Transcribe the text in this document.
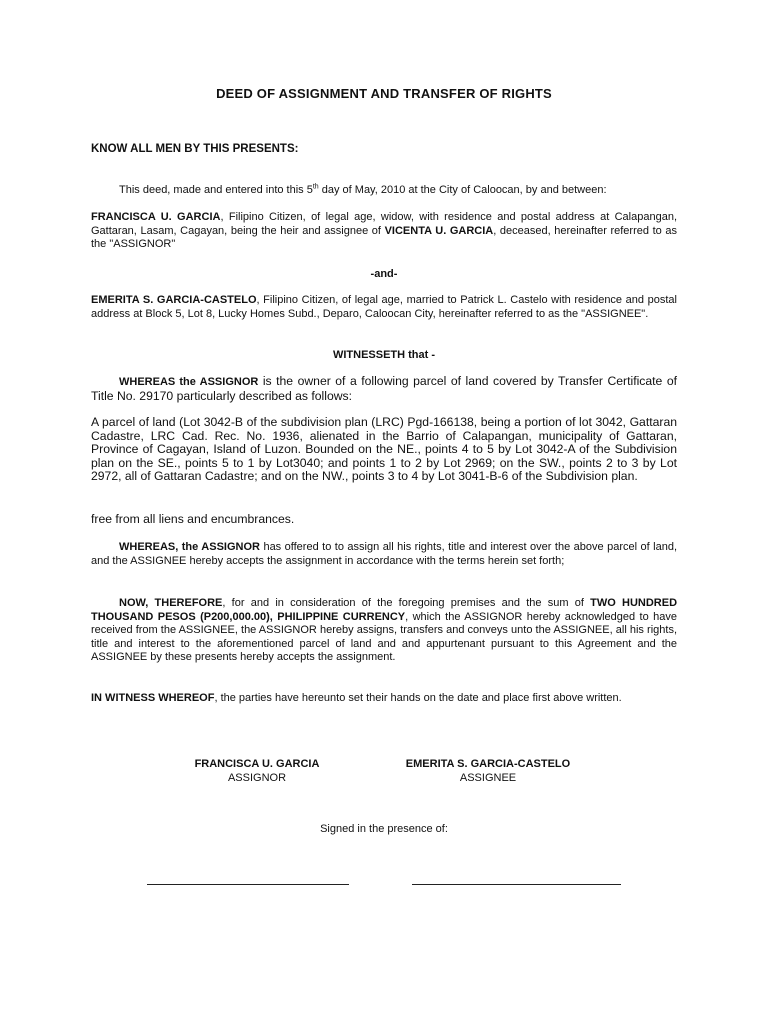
DEED OF ASSIGNMENT AND TRANSFER OF RIGHTS
KNOW ALL MEN BY THIS PRESENTS:
This deed, made and entered into this 5th day of May, 2010 at the City of Caloocan, by and between:
FRANCISCA U. GARCIA, Filipino Citizen, of legal age, widow, with residence and postal address at Calapangan, Gattaran, Lasam, Cagayan, being the heir and assignee of VICENTA U. GARCIA, deceased, hereinafter referred to as the "ASSIGNOR"
-and-
EMERITA S. GARCIA-CASTELO, Filipino Citizen, of legal age, married to Patrick L. Castelo with residence and postal address at Block 5, Lot 8, Lucky Homes Subd., Deparo, Caloocan City, hereinafter referred to as the "ASSIGNEE".
WITNESSETH that -
WHEREAS the ASSIGNOR is the owner of a following parcel of land covered by Transfer Certificate of Title No. 29170 particularly described as follows:
A parcel of land (Lot 3042-B of the subdivision plan (LRC) Pgd-166138, being a portion of lot 3042, Gattaran Cadastre, LRC Cad. Rec. No. 1936, alienated in the Barrio of Calapangan, municipality of Gattaran, Province of Cagayan, Island of Luzon. Bounded on the NE., points 4 to 5 by Lot 3042-A of the Subdivision plan on the SE., points 5 to 1 by Lot3040; and points 1 to 2 by Lot 2969; on the SW., points 2 to 3 by Lot 2972, all of Gattaran Cadastre; and on the NW., points 3 to 4 by Lot 3041-B-6 of the Subdivision plan.
free from all liens and encumbrances.
WHEREAS, the ASSIGNOR has offered to to assign all his rights, title and interest over the above parcel of land, and the ASSIGNEE hereby accepts the assignment in accordance with the terms herein set forth;
NOW, THEREFORE, for and in consideration of the foregoing premises and the sum of TWO HUNDRED THOUSAND PESOS (P200,000.00), PHILIPPINE CURRENCY, which the ASSIGNOR hereby acknowledged to have received from the ASSIGNEE, the ASSIGNOR hereby assigns, transfers and conveys unto the ASSIGNEE, all his rights, title and interest to the aforementioned parcel of land and and appurtenant pursuant to this Agreement and the ASSIGNEE by these presents hereby accepts the assignment.
IN WITNESS WHEREOF, the parties have hereunto set their hands on the date and place first above written.
FRANCISCA U. GARCIA
ASSIGNOR
EMERITA S. GARCIA-CASTELO
ASSIGNEE
Signed in the presence of:
